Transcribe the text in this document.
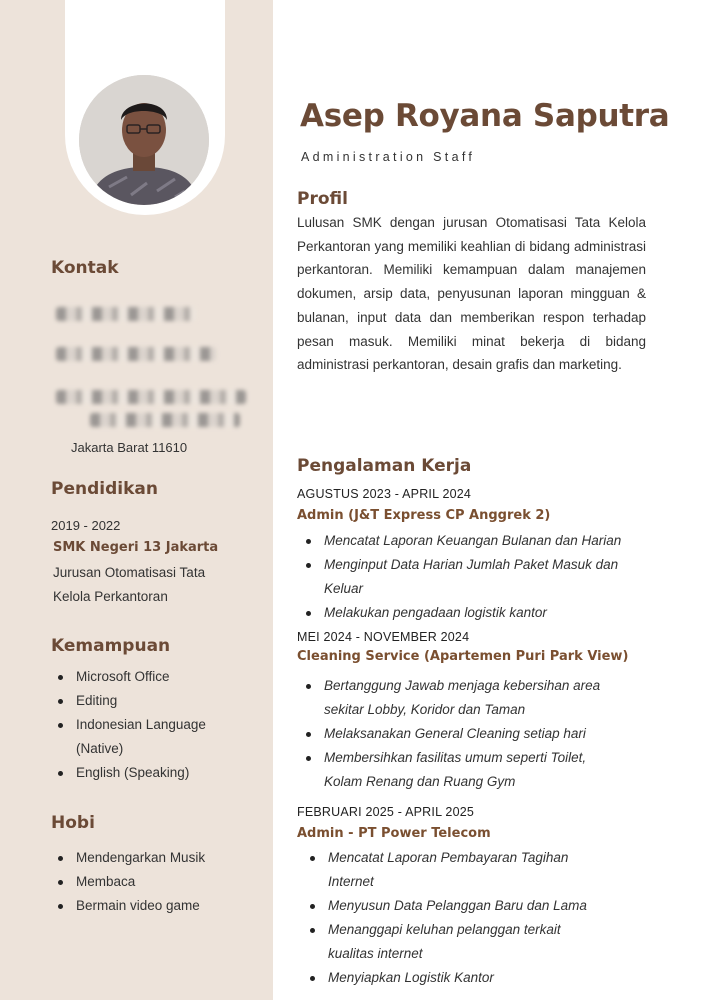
Kontak
Jakarta Barat 11610
Pendidikan
2019 - 2022
SMK Negeri 13 Jakarta
Jurusan Otomatisasi Tata
Kelola Perkantoran
Kemampuan
Microsoft Office
Editing
Indonesian Language
(Native)
English (Speaking)
Hobi
Mendengarkan Musik
Membaca
Bermain video game
Asep Royana Saputra
Administration Staff
Profil

Lulusan SMK dengan jurusan Otomatisasi Tata Kelola Perkantoran yang memiliki keahlian di bidang administrasi perkantoran. Memiliki kemampuan dalam manajemen dokumen, arsip data, penyusunan laporan mingguan & bulanan, input data dan memberikan respon terhadap pesan masuk. Memiliki minat bekerja di bidang administrasi perkantoran, desain grafis dan marketing.

Pengalaman Kerja
AGUSTUS 2023 - APRIL 2024
Admin (J&T Express CP Anggrek 2)
Mencatat Laporan Keuangan Bulanan dan Harian
Menginput Data Harian Jumlah Paket Masuk dan
Keluar
Melakukan pengadaan logistik kantor
MEI 2024 - NOVEMBER 2024
Cleaning Service (Apartemen Puri Park View)
Bertanggung Jawab menjaga kebersihan area
sekitar Lobby, Koridor dan Taman
Melaksanakan General Cleaning setiap hari
Membersihkan fasilitas umum seperti Toilet,
Kolam Renang dan Ruang Gym
FEBRUARI 2025 - APRIL 2025
Admin - PT Power Telecom
Mencatat Laporan Pembayaran Tagihan
Internet
Menyusun Data Pelanggan Baru dan Lama
Menanggapi keluhan pelanggan terkait
kualitas internet
Menyiapkan Logistik Kantor
